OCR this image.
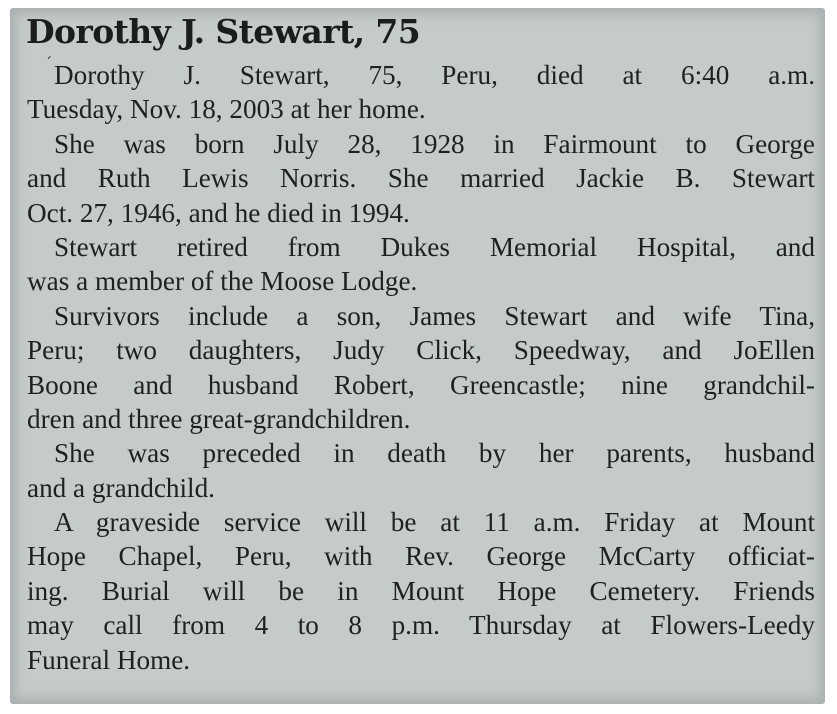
Dorothy J. Stewart, 75
´ Dorothy J. Stewart, 75, Peru, died at 6:40 a.m.
Tuesday, Nov. 18, 2003 at her home.
She was born July 28, 1928 in Fairmount to George
and Ruth Lewis Norris. She married Jackie B. Stewart
Oct. 27, 1946, and he died in 1994.
Stewart retired from Dukes Memorial Hospital, and
was a member of the Moose Lodge.
Survivors include a son, James Stewart and wife Tina,
Peru; two daughters, Judy Click, Speedway, and JoEllen
Boone and husband Robert, Greencastle; nine grandchil-
dren and three great-grandchildren.
She was preceded in death by her parents, husband
and a grandchild.
A graveside service will be at 11 a.m. Friday at Mount
Hope Chapel, Peru, with Rev. George McCarty officiat-
ing. Burial will be in Mount Hope Cemetery. Friends
may call from 4 to 8 p.m. Thursday at Flowers-Leedy
Funeral Home.
